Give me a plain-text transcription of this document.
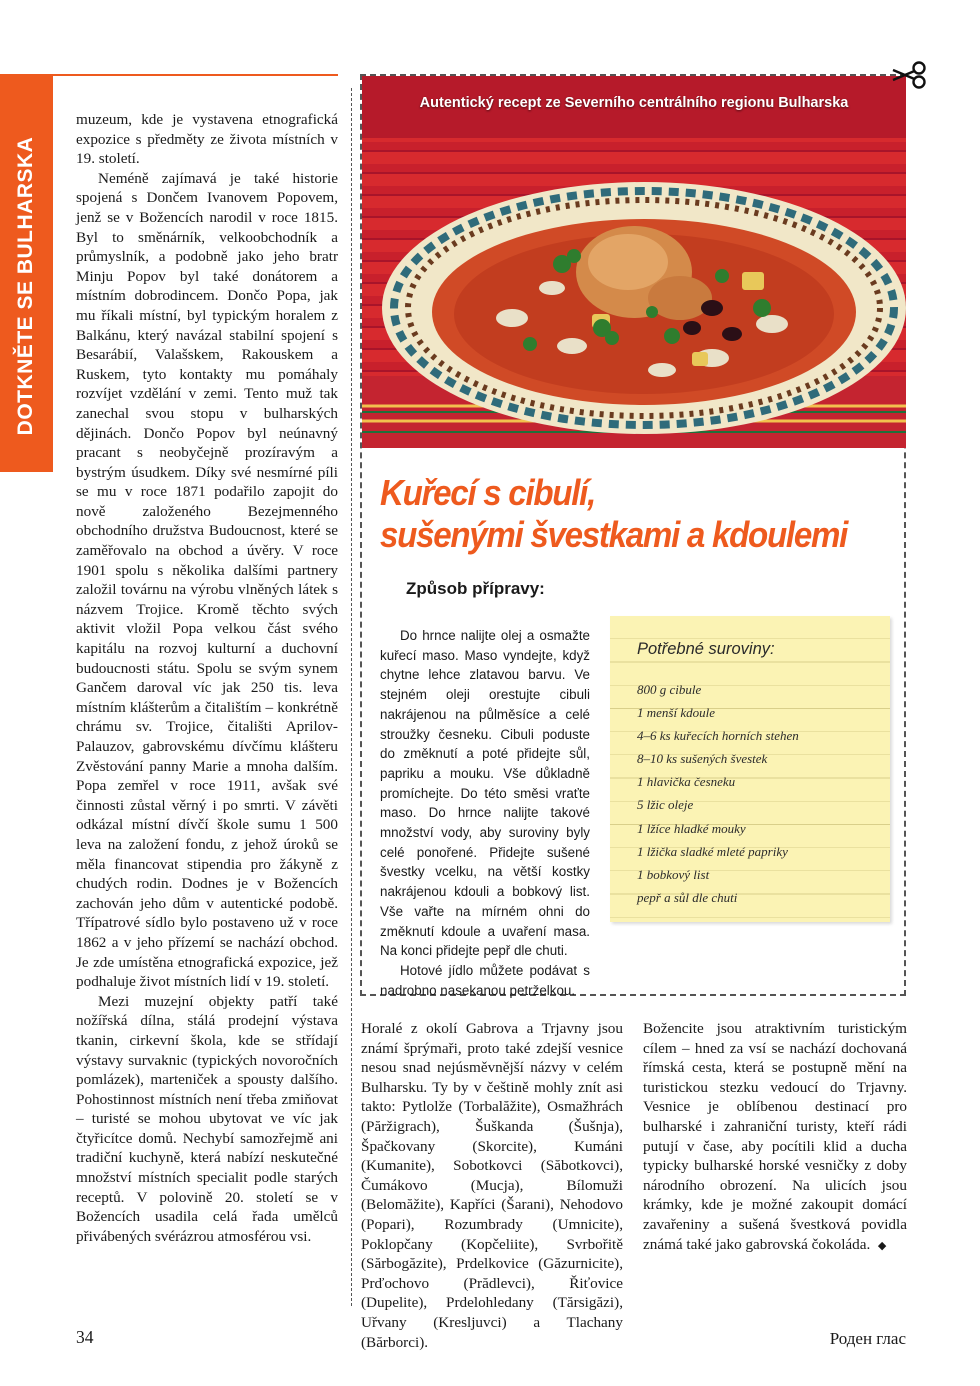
DOTKNĚTE SE BULHARSKA

muzeum, kde je vystavena etnografická expozice s předměty ze života místních v 19. století.

Neméně zajímavá je také historie spojená s Dončem Ivanovem Popovem, jenž se v Božencích narodil v roce 1815. Byl to směnárník, velkoobchodník a průmyslník, a podobně jako jeho bratr Minju Popov byl také donátorem a místním dobrodincem. Dončo Popa, jak mu říkali místní, byl typickým horalem z Balkánu, který navázal stabilní spojení s Besarábií, Valašskem, Rakouskem a Ruskem, tyto kontakty mu pomáhaly rozvíjet vzdělání v zemi. Tento muž tak zanechal svou stopu v bulharských dějinách. Dončo Popov byl neúnavný pracant s neobyčejně prozíravým a bystrým úsudkem. Díky své nesmírné píli se mu v roce 1871 podařilo zapojit do nově založeného Bezejmenného obchodního družstva Budoucnost, které se zaměřovalo na obchod a úvěry. V roce 1901 spolu s několika dalšími partnery založil továrnu na výrobu vlněných látek s názvem Trojice. Kromě těchto svých aktivit vložil Popa velkou část svého kapitálu na rozvoj kulturní a duchovní budoucnosti státu. Spolu se svým synem Gančem daroval víc jak 250 tis. leva místním klášterům a čitalištím – konkrétně chrámu sv. Trojice, čitališti Aprilov-Palauzov, gabrovskému dívčímu klášteru Zvěstování panny Marie a mnoha dalším. Popa zemřel v roce 1911, avšak své činnosti zůstal věrný i po smrti. V závěti odkázal místní dívčí škole sumu 1 500 leva na založení fondu, z jehož úroků se měla financovat stipendia pro žákyně z chudých rodin. Dodnes je v Božencích zachován jeho dům v autentické podobě. Třípatrové sídlo bylo postaveno už v roce 1862 a v jeho přízemí se nachází obchod. Je zde umístěna etnografická expozice, jež podhaluje život místních lidí v 19. století.

Mezi muzejní objekty patří také nožířská dílna, stálá prodejní výstava tkanin, cirkevní škola, kde se střídají výstavy survaknic (typických novoročních pomlázek), marteniček a spousty dalšího. Pohostinnost místních není třeba zmiňovat – turisté se mohou ubytovat ve víc jak čtyřicítce domů. Nechybí samozřejmě ani tradiční kuchyně, která nabízí neskutečné množství místních specialit podle starých receptů. V polovině 20. století se v Božencích usadila celá řada umělců přivábených svérázrou atmosférou vsi.

Autentický recept ze Severního centrálního regionu Bulharska
Kuřecí s cibulí,
sušenými švestkami a kdoulemi
Způsob přípravy:

Do hrnce nalijte olej a osmažte kuřecí maso. Maso vyndejte, když chytne lehce zlatavou barvu. Ve stejném oleji orestujte cibuli nakrájenou na půlměsíce a celé stroužky česneku. Cibuli poduste do změknutí a poté přidejte sůl, papriku a mouku. Vše důkladně promíchejte. Do této směsi vraťte maso. Do hrnce nalijte takové množství vody, aby suroviny byly celé ponořené. Přidejte sušené švestky vcelku, na větší kostky nakrájenou kdouli a bobkový list. Vše vařte na mírném ohni do změknutí kdoule a uvaření masa. Na konci přidejte pepř dle chuti.

Hotové jídlo můžete podávat s nadrobno nasekanou petrželkou.

Potřebné suroviny:
800 g cibule
1 menší kdoule
4–6 ks kuřecích horních stehen
8–10 ks sušených švestek
1 hlavička česneku
5 lžic oleje
1 lžíce hladké mouky
1 lžička sladké mleté papriky
1 bobkový list
pepř a sůl dle chuti

Horalé z okolí Gabrova a Trjavny jsou známí šprýmaři, proto také zdejší vesnice nesou snad nejúsměvnější názvy v celém Bulharsku. Ty by v češtině mohly znít asi takto: Pytlolže (Torbalăžite), Osmažhrách (Păržigrach), Šuškanda (Šušnja), Špačkovany (Skorcite), Kumáni (Kumanite), Sobotkovci (Săbotkovci), Čumákovo (Mucja), Bílomuži (Belomăžite), Kapříci (Šarani), Nehodovo (Popari), Rozumbrady (Umnicite), Poklopčany (Kopčeliite), Svrbořitě (Sărbogăzite), Prdelkovice (Găzurnicite), Prďochovo (Prădlevci), Řiťovice (Dupelite), Prdelohledany (Tărsigăzi), Uřvany (Kresljuvci) a Tlachany (Bărborci).

Božencite jsou atraktivním turistickým cílem – hned za vsí se nachází dochovaná římská cesta, která se postupně mění na turistickou stezku vedoucí do Trjavny. Vesnice je oblíbenou destinací pro bulharské i zahraniční turisty, kteří rádi putují v čase, aby pocítili klid a ducha typicky bulharské horské vesničky z doby národního obrození. Na ulicích jsou krámky, kde je možné zakoupit domácí zavařeniny a sušená švestková povidla známá také jako gabrovská čokoláda. ◆

34	Роден глас
